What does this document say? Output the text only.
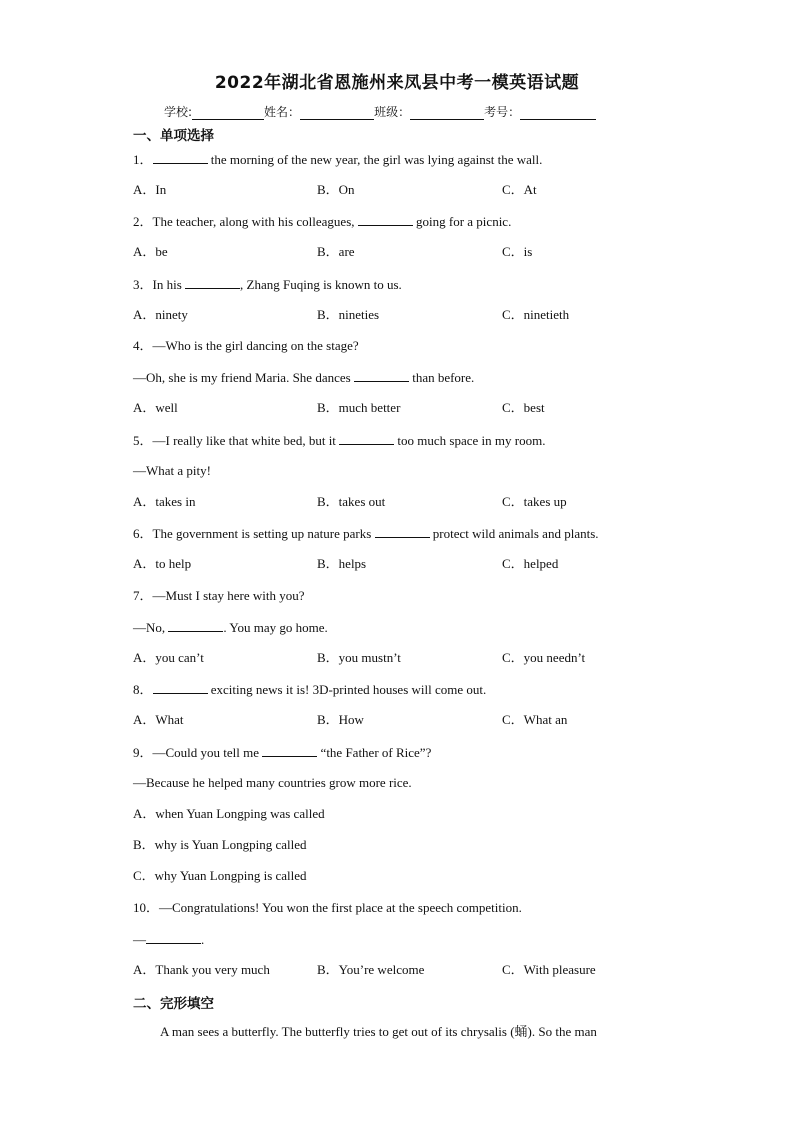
2022年湖北省恩施州来凤县中考一模英语试题
学校:	姓名：	班级：	考号：
一、单项选择
1．	the morning of the new year, the girl was lying against the wall.
A．In	B．On	C．At
2．The teacher, along with his colleagues,	going for a picnic.
A．be	B．are	C．is
3．In his	, Zhang Fuqing is known to us.
A．ninety	B．nineties	C．ninetieth
4．—Who is the girl dancing on the stage?
—Oh, she is my friend Maria. She dances	than before.
A．well	B．much better	C．best
5．—I really like that white bed, but it	too much space in my room.
—What a pity!
A．takes in	B．takes out	C．takes up
6．The government is setting up nature parks	protect wild animals and plants.
A．to help	B．helps	C．helped
7．—Must I stay here with you?
—No,	. You may go home.
A．you can’t	B．you mustn’t	C．you needn’t
8．	exciting news it is! 3D-printed houses will come out.
A．What	B．How	C．What an
9．—Could you tell me	“the Father of Rice”?
—Because he helped many countries grow more rice.
A．when Yuan Longping was called
B．why is Yuan Longping called
C．why Yuan Longping is called
10．—Congratulations! You won the first place at the speech competition.
—	.
A．Thank you very much	B．You’re welcome	C．With pleasure
二、完形填空
A man sees a butterfly. The butterfly tries to get out of its chrysalis (蛹). So the man
